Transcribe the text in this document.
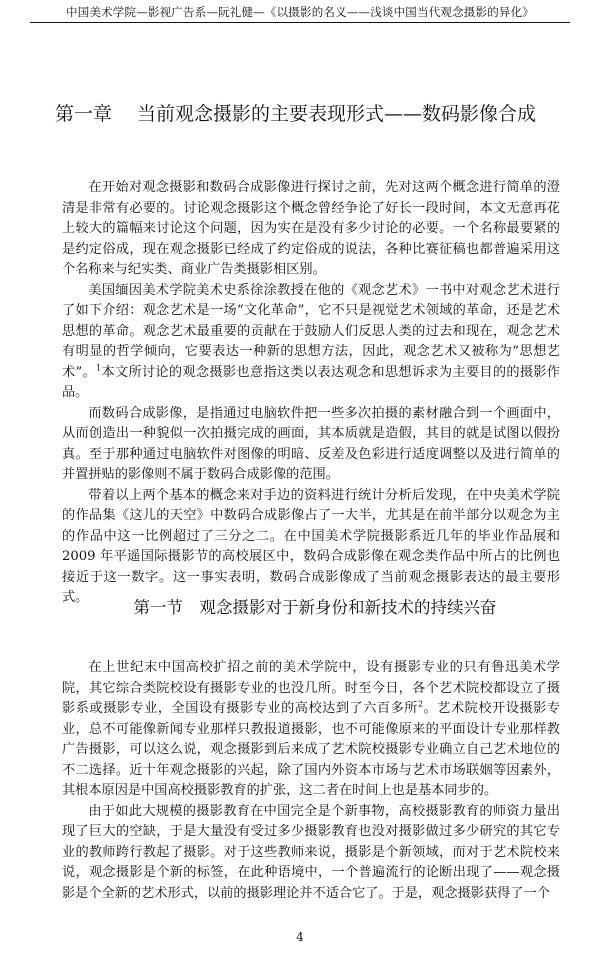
中国美术学院—影视广告系—阮礼健—《以摄影的名义——浅谈中国当代观念摄影的异化》
第一章　 当前观念摄影的主要表现形式——数码影像合成

在开始对观念摄影和数码合成影像进行探讨之前，先对这两个概念进行简单的澄清是非常有必要的。讨论观念摄影这个概念曾经争论了好长一段时间，本文无意再花上较大的篇幅来讨论这个问题，因为实在是没有多少讨论的必要。一个名称最要紧的是约定俗成，现在观念摄影已经成了约定俗成的说法，各种比赛征稿也都普遍采用这个名称来与纪实类、商业广告类摄影相区别。

美国缅因美术学院美术史系徐涂教授在他的《观念艺术》一书中对观念艺术进行了如下介绍：观念艺术是一场“文化革命”，它不只是视觉艺术领域的革命，还是艺术思想的革命。观念艺术最重要的贡献在于鼓励人们反思人类的过去和现在，观念艺术有明显的哲学倾向，它要表达一种新的思想方法，因此，观念艺术又被称为“思想艺术”。$^1$本文所讨论的观念摄影也意指这类以表达观念和思想诉求为主要目的的摄影作品。

而数码合成影像，是指通过电脑软件把一些多次拍摄的素材融合到一个画面中，从而创造出一种貌似一次拍摄完成的画面，其本质就是造假，其目的就是试图以假扮真。至于那种通过电脑软件对图像的明暗、反差及色彩进行适度调整以及进行简单的并置拼贴的影像则不属于数码合成影像的范围。

带着以上两个基本的概念来对手边的资料进行统计分析后发现，在中央美术学院的作品集《这儿的天空》中数码合成影像占了一大半，尤其是在前半部分以观念为主的作品中这一比例超过了三分之二。在中国美术学院摄影系近几年的毕业作品展和2009 年平遥国际摄影节的高校展区中，数码合成影像在观念类作品中所占的比例也接近于这一数字。这一事实表明，数码合成影像成了当前观念摄影表达的最主要形式。

第一节　观念摄影对于新身份和新技术的持续兴奋

在上世纪末中国高校扩招之前的美术学院中，设有摄影专业的只有鲁迅美术学院，其它综合类院校设有摄影专业的也没几所。时至今日，各个艺术院校都设立了摄影系或摄影专业，全国设有摄影专业的高校达到了六百多所$^2$。艺术院校开设摄影专业，总不可能像新闻专业那样只教报道摄影，也不可能像原来的平面设计专业那样教广告摄影，可以这么说，观念摄影到后来成了艺术院校摄影专业确立自己艺术地位的不二选择。近十年观念摄影的兴起，除了国内外资本市场与艺术市场联姻等因素外，其根本原因是中国高校摄影教育的扩张，这二者在时间上也是基本同步的。

由于如此大规模的摄影教育在中国完全是个新事物，高校摄影教育的师资力量出现了巨大的空缺，于是大量没有受过多少摄影教育也没对摄影做过多少研究的其它专业的教师跨行教起了摄影。对于这些教师来说，摄影是个新领域，而对于艺术院校来说，观念摄影是个新的标签，在此种语境中，一个普遍流行的论断出现了——观念摄影是个全新的艺术形式，以前的摄影理论并不适合它了。于是，观念摄影获得了一个

4
